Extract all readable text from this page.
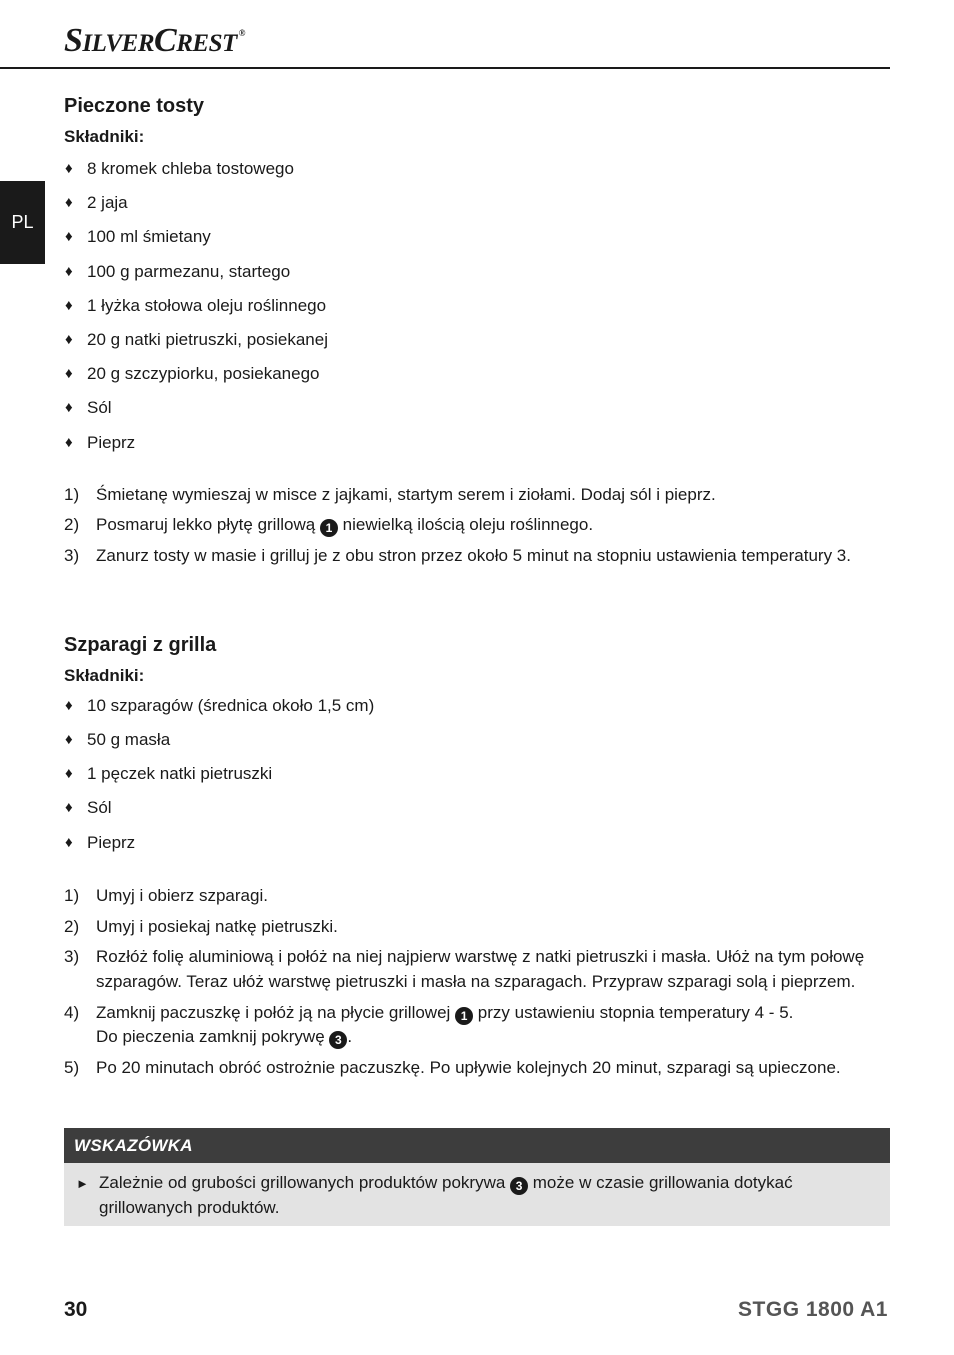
SILVERCREST ®
PL
Pieczone tosty
Składniki:
♦ 8 kromek chleba tostowego
♦ 2 jaja
♦ 100 ml śmietany
♦ 100 g parmezanu, startego
♦ 1 łyżka stołowa oleju roślinnego
♦ 20 g natki pietruszki, posiekanej
♦ 20 g szczypiorku, posiekanego
♦ Sól
♦ Pieprz
1) Śmietanę wymieszaj w misce z jajkami, startym serem i ziołami. Dodaj sól i pieprz.
2) Posmaruj lekko płytę grillową 1 niewielką ilością oleju roślinnego.
3) Zanurz tosty w masie i grilluj je z obu stron przez około 5 minut na stopniu ustawienia temperatury 3.
Szparagi z grilla
Składniki:
♦ 10 szparagów (średnica około 1,5 cm)
♦ 50 g masła
♦ 1 pęczek natki pietruszki
♦ Sól
♦ Pieprz
1) Umyj i obierz szparagi.
2) Umyj i posiekaj natkę pietruszki.
3) Rozłóż folię aluminiową i połóż na niej najpierw warstwę z natki pietruszki i masła. Ułóż na tym połowę szparagów. Teraz ułóż warstwę pietruszki i masła na szparagach. Przypraw szparagi solą i pieprzem.
4) Zamknij paczuszkę i połóż ją na płycie grillowej 1 przy ustawieniu stopnia temperatury 4 - 5.
Do pieczenia zamknij pokrywę 3 .
5) Po 20 minutach obróć ostrożnie paczuszkę. Po upływie kolejnych 20 minut, szparagi są upieczone.
WSKAZÓWKA
► Zależnie od grubości grillowanych produktów pokrywa 3 może w czasie grillowania dotykać grillowanych produktów.
30	STGG 1800 A1
